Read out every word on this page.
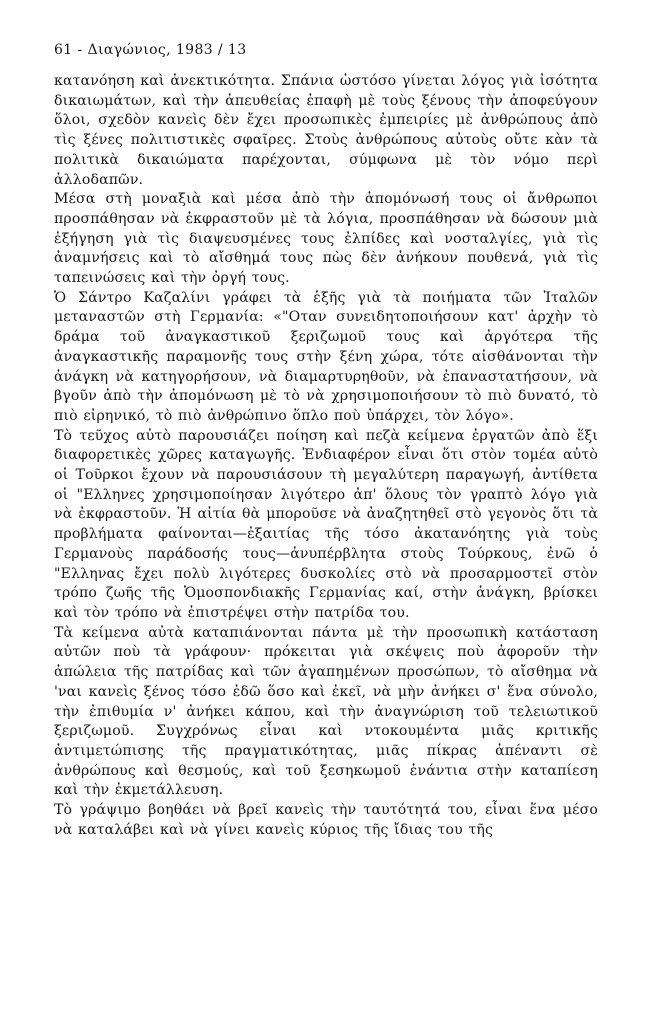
61 - Διαγώνιος, 1983 / 13

κατανόηση καὶ ἀνεκτικότητα. Σπάνια ὡστόσο γίνεται λόγος γιὰ ἰσότητα δικαιωμάτων, καὶ τὴν ἀπευθείας ἐπαφὴ μὲ τοὺς ξένους τὴν ἀποφεύγουν ὅλοι, σχεδὸν κανεὶς δὲν ἔχει προσωπικὲς ἐμπειρίες μὲ ἀνθρώπους ἀπὸ τὶς ξένες πολιτιστικὲς σφαῖρες. Στοὺς ἀνθρώπους αὐτοὺς οὔτε κὰν τὰ πολιτικὰ δικαιώματα παρέχονται, σύμφωνα μὲ τὸν νόμο περὶ ἀλλοδαπῶν.

Μέσα στὴ μοναξιὰ καὶ μέσα ἀπὸ τὴν ἀπομόνωσή τους οἱ ἄνθρωποι προσπάθησαν νὰ ἐκφραστοῦν μὲ τὰ λόγια, προσπάθησαν νὰ δώσουν μιὰ ἐξήγηση γιὰ τὶς διαψευσμένες τους ἐλπίδες καὶ νοσταλγίες, γιὰ τὶς ἀναμνήσεις καὶ τὸ αἴσθημά τους πὼς δὲν ἀνήκουν πουθενά, γιὰ τὶς ταπεινώσεις καὶ τὴν ὀργή τους.

Ὁ Σάντρο Καζαλίνι γράφει τὰ ἑξῆς γιὰ τὰ ποιήματα τῶν Ἰταλῶν μεταναστῶν στὴ Γερμανία: «"Οταν συνειδητοποιήσουν κατ' ἀρχὴν τὸ δράμα τοῦ ἀναγκαστικοῦ ξεριζωμοῦ τους καὶ ἀργότερα τῆς ἀναγκαστικῆς παραμονῆς τους στὴν ξένη χώρα, τότε αἰσθάνονται τὴν ἀνάγκη νὰ κατηγορήσουν, νὰ διαμαρτυρηθοῦν, νὰ ἐπαναστατήσουν, νὰ βγοῦν ἀπὸ τὴν ἀπομόνωση μὲ τὸ νὰ χρησιμοποιήσουν τὸ πιὸ δυνατό, τὸ πιὸ εἰρηνικό, τὸ πιὸ ἀνθρώπινο ὅπλο ποὺ ὑπάρχει, τὸν λόγο».

Τὸ τεῦχος αὐτὸ παρουσιάζει ποίηση καὶ πεζὰ κείμενα ἐργατῶν ἀπὸ ἕξι διαφορετικὲς χῶρες καταγωγῆς. Ἐνδιαφέρον εἶναι ὅτι στὸν τομέα αὐτὸ οἱ Τοῦρκοι ἔχουν νὰ παρουσιάσουν τὴ μεγαλύτερη παραγωγή, ἀντίθετα οἱ "Ελληνες χρησιμοποίησαν λιγότερο ἀπ' ὅλους τὸν γραπτὸ λόγο γιὰ νὰ ἐκφραστοῦν. Ἡ αἰτία θὰ μποροῦσε νὰ ἀναζητηθεῖ στὸ γεγονὸς ὅτι τὰ προβλήματα φαίνονται—ἐξαιτίας τῆς τόσο ἀκατανόητης γιὰ τοὺς Γερμανοὺς παράδοσής τους—ἀνυπέρβλητα στοὺς Τούρκους, ἐνῶ ὁ "Ελληνας ἔχει πολὺ λιγότερες δυσκολίες στὸ νὰ προσαρμοστεῖ στὸν τρόπο ζωῆς τῆς Ὁμοσπονδιακῆς Γερμανίας καί, στὴν ἀνάγκη, βρίσκει καὶ τὸν τρόπο νὰ ἐπιστρέψει στὴν πατρίδα του.

Τὰ κείμενα αὐτὰ καταπιάνονται πάντα μὲ τὴν προσωπικὴ κατάσταση αὐτῶν ποὺ τὰ γράφουν· πρόκειται γιὰ σκέψεις ποὺ ἀφοροῦν τὴν ἀπώλεια τῆς πατρίδας καὶ τῶν ἀγαπημένων προσώπων, τὸ αἴσθημα νὰ 'ναι κανεὶς ξένος τόσο ἐδῶ ὅσο καὶ ἐκεῖ, νὰ μὴν ἀνήκει σ' ἕνα σύνολο, τὴν ἐπιθυμία ν' ἀνήκει κάπου, καὶ τὴν ἀναγνώριση τοῦ τελειωτικοῦ ξεριζωμοῦ. Συγχρόνως εἶναι καὶ ντοκουμέντα μιᾶς κριτικῆς ἀντιμετώπισης τῆς πραγματικότητας, μιᾶς πίκρας ἀπέναντι σὲ ἀνθρώπους καὶ θεσμούς, καὶ τοῦ ξεσηκωμοῦ ἐνάντια στὴν καταπίεση καὶ τὴν ἐκμετάλλευση.

Τὸ γράψιμο βοηθάει νὰ βρεῖ κανεὶς τὴν ταυτότητά του, εἶναι ἕνα μέσο νὰ καταλάβει καὶ νὰ γίνει κανεὶς κύριος τῆς ἴδιας του τῆς
